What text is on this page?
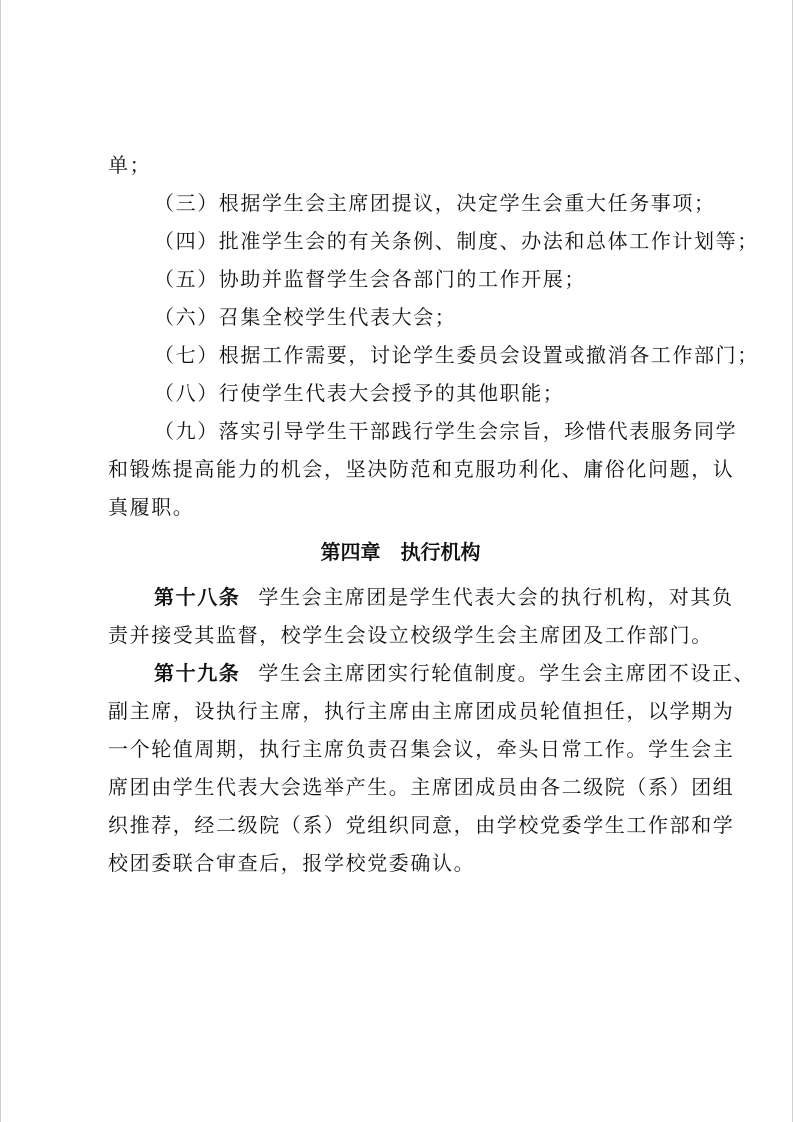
单；
（三）根据学生会主席团提议，决定学生会重大任务事项；
（四）批准学生会的有关条例、制度、办法和总体工作计划等；
（五）协助并监督学生会各部门的工作开展；
（六）召集全校学生代表大会；
（七）根据工作需要，讨论学生委员会设置或撤消各工作部门；
（八）行使学生代表大会授予的其他职能；
（九）落实引导学生干部践行学生会宗旨，珍惜代表服务同学
和锻炼提高能力的机会，坚决防范和克服功利化、庸俗化问题，认
真履职。
第四章 执行机构
第十八条 学生会主席团是学生代表大会的执行机构，对其负
责并接受其监督，校学生会设立校级学生会主席团及工作部门。
第十九条 学生会主席团实行轮值制度。学生会主席团不设正、
副主席，设执行主席，执行主席由主席团成员轮值担任，以学期为
一个轮值周期，执行主席负责召集会议，牵头日常工作。学生会主
席团由学生代表大会选举产生。主席团成员由各二级院（系）团组
织推荐，经二级院（系）党组织同意，由学校党委学生工作部和学
校团委联合审查后，报学校党委确认。
